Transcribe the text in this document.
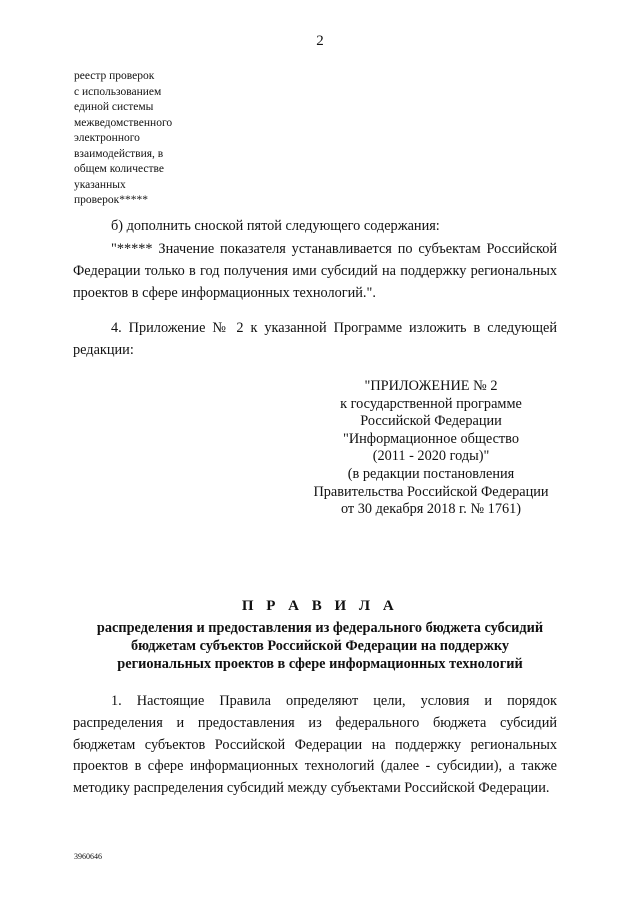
2
реестр проверок
с использованием
единой системы
межведомственного
электронного
взаимодействия, в
общем количестве
указанных
проверок*****
б) дополнить сноской пятой следующего содержания:
"***** Значение показателя устанавливается по субъектам Российской Федерации только в год получения ими субсидий на поддержку региональных проектов в сфере информационных технологий.".
4. Приложение № 2 к указанной Программе изложить в следующей редакции:
"ПРИЛОЖЕНИЕ № 2
к государственной программе
Российской Федерации
"Информационное общество
(2011 - 2020 годы)"
(в редакции постановления
Правительства Российской Федерации
от 30 декабря 2018 г. № 1761)
П Р А В И Л А
распределения и предоставления из федерального бюджета субсидий
бюджетам субъектов Российской Федерации на поддержку
региональных проектов в сфере информационных технологий
1. Настоящие Правила определяют цели, условия и порядок распределения и предоставления из федерального бюджета субсидий бюджетам субъектов Российской Федерации на поддержку региональных проектов в сфере информационных технологий (далее - субсидии), а также методику распределения субсидий между субъектами Российской Федерации.
3960646
